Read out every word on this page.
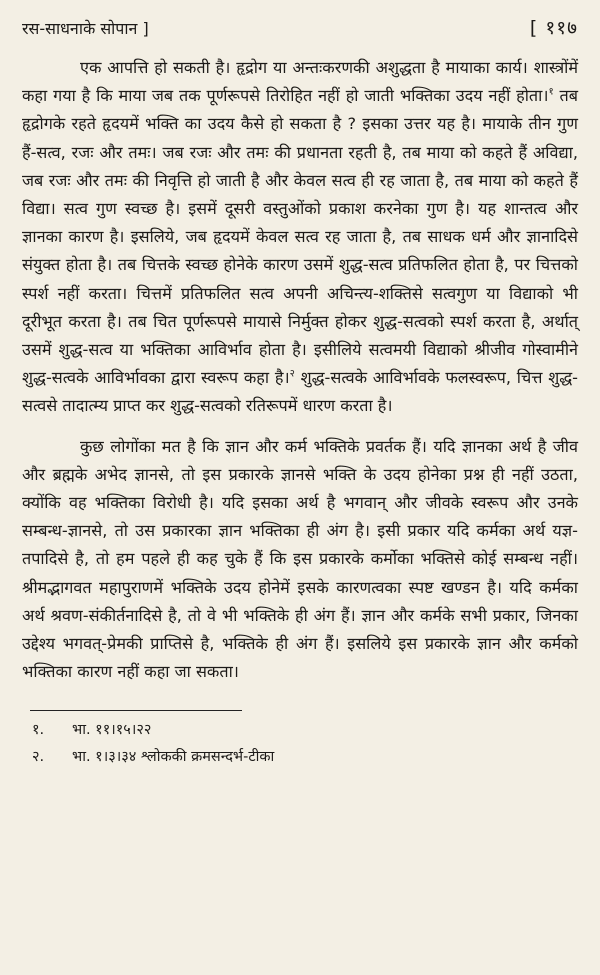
रस-साधनाके सोपान ]	[ ११७

एक आपत्ति हो सकती है। हृद्रोग या अन्तःकरणकी अशुद्धता है मायाका कार्य। शास्त्रोंमें कहा गया है कि माया जब तक पूर्णरूपसे तिरोहित नहीं हो जाती भक्तिका उदय नहीं होता।$^१$ तब हृद्रोगके रहते हृदयमें भक्ति का उदय कैसे हो सकता है ? इसका उत्तर यह है। मायाके तीन गुण हैं-सत्व, रजः और तमः। जब रजः और तमः की प्रधानता रहती है, तब माया को कहते हैं अविद्या, जब रजः और तमः की निवृत्ति हो जाती है और केवल सत्व ही रह जाता है, तब माया को कहते हैं विद्या। सत्व गुण स्वच्छ है। इसमें दूसरी वस्तुओंको प्रकाश करनेका गुण है। यह शान्तत्व और ज्ञानका कारण है। इसलिये, जब हृदयमें केवल सत्व रह जाता है, तब साधक धर्म और ज्ञानादिसे संयुक्त होता है। तब चित्तके स्वच्छ होनेके कारण उसमें शुद्ध-सत्व प्रतिफलित होता है, पर चित्तको स्पर्श नहीं करता। चित्तमें प्रतिफलित सत्व अपनी अचिन्त्य-शक्तिसे सत्वगुण या विद्याको भी दूरीभूत करता है। तब चित पूर्णरूपसे मायासे निर्मुक्त होकर शुद्ध-सत्वको स्पर्श करता है, अर्थात् उसमें शुद्ध-सत्व या भक्तिका आविर्भाव होता है। इसीलिये सत्वमयी विद्याको श्रीजीव गोस्वामीने शुद्ध-सत्वके आविर्भावका द्वारा स्वरूप कहा है।$^२$ शुद्ध-सत्वके आविर्भावके फलस्वरूप, चित्त शुद्ध-सत्वसे तादात्म्य प्राप्त कर शुद्ध-सत्वको रतिरूपमें धारण करता है।

कुछ लोगोंका मत है कि ज्ञान और कर्म भक्तिके प्रवर्तक हैं। यदि ज्ञानका अर्थ है जीव और ब्रह्मके अभेद ज्ञानसे, तो इस प्रकारके ज्ञानसे भक्ति के उदय होनेका प्रश्न ही नहीं उठता, क्योंकि वह भक्तिका विरोधी है। यदि इसका अर्थ है भगवान् और जीवके स्वरूप और उनके सम्बन्ध-ज्ञानसे, तो उस प्रकारका ज्ञान भक्तिका ही अंग है। इसी प्रकार यदि कर्मका अर्थ यज्ञ-तपादिसे है, तो हम पहले ही कह चुके हैं कि इस प्रकारके कर्मोका भक्तिसे कोई सम्बन्ध नहीं। श्रीमद्भागवत महापुराणमें भक्तिके उदय होनेमें इसके कारणत्वका स्पष्ट खण्डन है। यदि कर्मका अर्थ श्रवण-संकीर्तनादिसे है, तो वे भी भक्तिके ही अंग हैं। ज्ञान और कर्मके सभी प्रकार, जिनका उद्देश्य भगवत्-प्रेमकी प्राप्तिसे है, भक्तिके ही अंग हैं। इसलिये इस प्रकारके ज्ञान और कर्मको भक्तिका कारण नहीं कहा जा सकता।

१.	भा. ११।१५।२२
२.	भा. १।३।३४ श्लोककी क्रमसन्दर्भ-टीका
